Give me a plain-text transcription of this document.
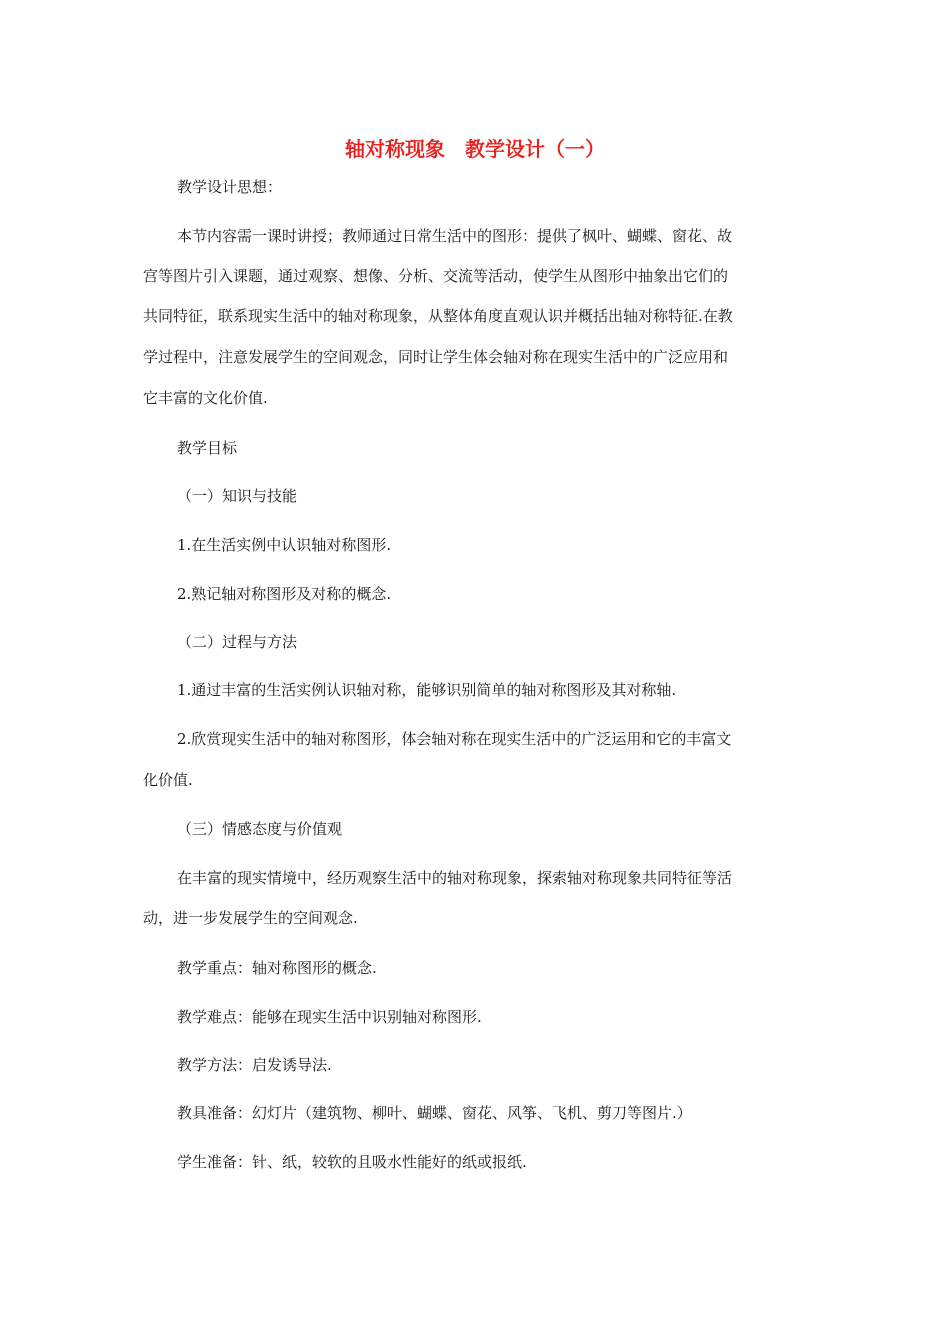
轴对称现象　教学设计（一）
教学设计思想：
本节内容需一课时讲授；教师通过日常生活中的图形：提供了枫叶、蝴蝶、窗花、故
宫等图片引入课题，通过观察、想像、分析、交流等活动，使学生从图形中抽象出它们的
共同特征，联系现实生活中的轴对称现象，从整体角度直观认识并概括出轴对称特征.在教
学过程中，注意发展学生的空间观念，同时让学生体会轴对称在现实生活中的广泛应用和
它丰富的文化价值.
教学目标
（一）知识与技能
1.在生活实例中认识轴对称图形.
2.熟记轴对称图形及对称的概念.
（二）过程与方法
1.通过丰富的生活实例认识轴对称，能够识别简单的轴对称图形及其对称轴.
2.欣赏现实生活中的轴对称图形，体会轴对称在现实生活中的广泛运用和它的丰富文
化价值.
（三）情感态度与价值观
在丰富的现实情境中，经历观察生活中的轴对称现象，探索轴对称现象共同特征等活
动，进一步发展学生的空间观念.
教学重点：轴对称图形的概念.
教学难点：能够在现实生活中识别轴对称图形.
教学方法：启发诱导法.
教具准备：幻灯片（建筑物、柳叶、蝴蝶、窗花、风筝、飞机、剪刀等图片.）
学生准备：针、纸，较软的且吸水性能好的纸或报纸.
